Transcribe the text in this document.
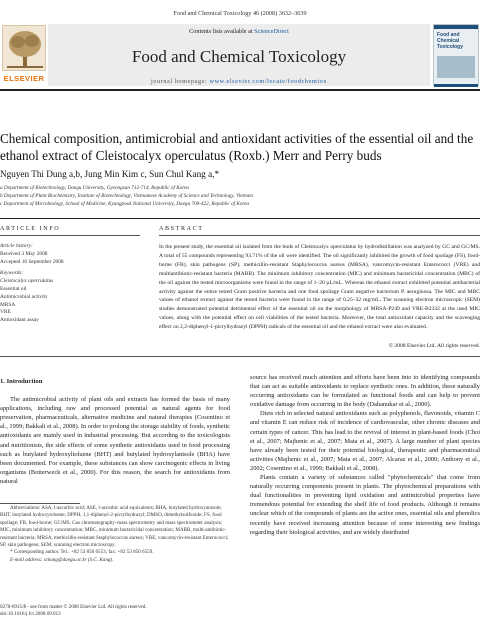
Food and Chemical Toxicology 46 (2008) 3632–3639
ELSEVIER
Contents lists available at ScienceDirect
Food and Chemical Toxicology
journal homepage: www.elsevier.com/locate/foodchemtox
Food and Chemical Toxicology
Chemical composition, antimicrobial and antioxidant activities of the essential oil and the ethanol extract of Cleistocalyx operculatus (Roxb.) Merr and Perry buds
Nguyen Thi Dung a,b, Jung Min Kim c, Sun Chul Kang a,*
a Department of Biotechnology, Daegu University, Gyeongsan 712-714, Republic of Korea
b Department of Plant Biochemistry, Institute of Biotechnology, Vietnamese Academy of Science and Technology, Vietnam
c Department of Microbiology, School of Medicine, Kyungpook National University, Daegu 700-422, Republic of Korea
ARTICLE INFO	ABSTRACT
Article history:
Received 3 May 2008
Accepted 10 September 2008
Keywords:
Cleistocalyx operculatus
Essential oil
Antimicrobial activity
MRSA
VRE
Antioxidant assay
In the present study, the essential oil isolated from the buds of Cleistocalyx operculatus by hydrodistillation was analyzed by GC and GC/MS. A total of 55 compounds representing 93.71% of the oil were identified. The oil significantly inhibited the growth of food spoilage (FS), food-borne (FB), skin pathogens (SP), methicillin-resistant Staphylococcus aureus (MRSA), vancomycin-resistant Enterococci (VRE) and multiantibiotic-resistant bacteria (MARB). The minimum inhibitory concentration (MIC) and minimum bactericidal concentration (MBC) of the oil against the tested microorganisms were found in the range of 1–20 μL/mL. Whereas the ethanol extract exhibited potential antibacterial activity against the entire tested Gram positive bacteria and one food spoilage Gram negative bacterium P. aeruginosa. The MIC and MBC values of ethanol extract against the tested bacteria were found in the range of 0.25–32 mg/mL. The scanning electron microscopic (SEM) studies demonstrated potential detrimental effect of the essential oil on the morphology of MRSA-P249 and VRE-B2332 at the used MIC values, along with the potential effect on cell viabilities of the tested bacteria. Moreover, the total antioxidant capacity and the scavenging effect on 2,2-diphenyl-1-picrylhydrazyl (DPPH) radicals of the essential oil and the ethanol extract were also evaluated.
© 2008 Elsevier Ltd. All rights reserved.
1. Introduction
The antimicrobial activity of plant oils and extracts has formed the basis of many applications, including raw and processed potential as natural agents for food preservation, pharmaceuticals, alternative medicine and natural therapies (Cosentino et al., 1999; Bakkali et al., 2008). In order to prolong the storage stability of foods, synthetic antioxidants are mainly used in industrial processing. But according to the toxicologists and nutritionists, the side effects of some synthetic antioxidants used in food processing such as butylated hydroxyltoluene (BHT) and butylated hydroxylanisole (BHA) have been documented. For example, these substances can show carcinogenic effects in living organisms (Botterweck et al., 2000). For this reason, the search for antioxidants from natural
source has received much attention and efforts have been into to identifying compounds that can act as suitable antioxidants to replace synthetic ones. In addition, these naturally occurring antioxidants can be formulated as functional foods and can help to prevent oxidative damage from occurring in the body (Dahanukar et al., 2000).
Diets rich in selected natural antioxidants such as polyphenols, flavonoids, vitamin C and vitamin E can reduce risk of incidence of cardiovascular, other chronic diseases and certain types of cancer. This has lead to the revival of interest in plant-based foods (Choi et al., 2007; Majhenic et al., 2007; Mata et al., 2007). A large number of plant species have already been tested for their potential biological, therapeutic and pharmaceutical activities (Majhenic et al., 2007; Mata et al., 2007; Alcaraz et al., 2000; Anthony et al., 2002; Cosentino et al., 1999; Bakkali et al., 2008).
Plants contain a variety of substances called "phytochemicals" that come from naturally occurring components present in plants. The phytochemical preparations with dual functionalities in preventing lipid oxidation and antimicrobial properties have tremendous potential for extending the shelf life of food products. Although it remains unclear which of the compounds of plants are the active ones, essential oils and phenolics recently have received increasing attention because of some interesting new findings regarding their biological activities, and are widely distributed
Abbreviations: ASA, l-ascorbic acid; ASE, l-ascorbic acid equivalents; BHA, butylated hydroxyanisole; BHT, butylated hydroxytoluene; DPPH, 1,1-diphenyl-2-picrylhydrazyl; DMSO, dimethylsulfoxide; FS, food spoilage; FB, food-borne; GC/MS, Gas chromatography–mass spectrometry and mass spectrometer analysis; MIC, minimum inhibitory concentration; MBC, minimum bactericidal concentration; MARB, multi-antibiotic-resistant bacteria; MRSA, methicillin-resistant Staphylococcus aureus; VRE, vancomycin-resistant Enterococci; SP, skin pathogens; SEM, scanning electron microscopy.
* Corresponding author. Tel.: +82 53 850 6553; fax: +82 53 850 6559.
E-mail address: sckang@daegu.ac.kr (S.C. Kang).
0278-6915/$ - see front matter © 2008 Elsevier Ltd. All rights reserved.
doi:10.1016/j.fct.2008.09.013
